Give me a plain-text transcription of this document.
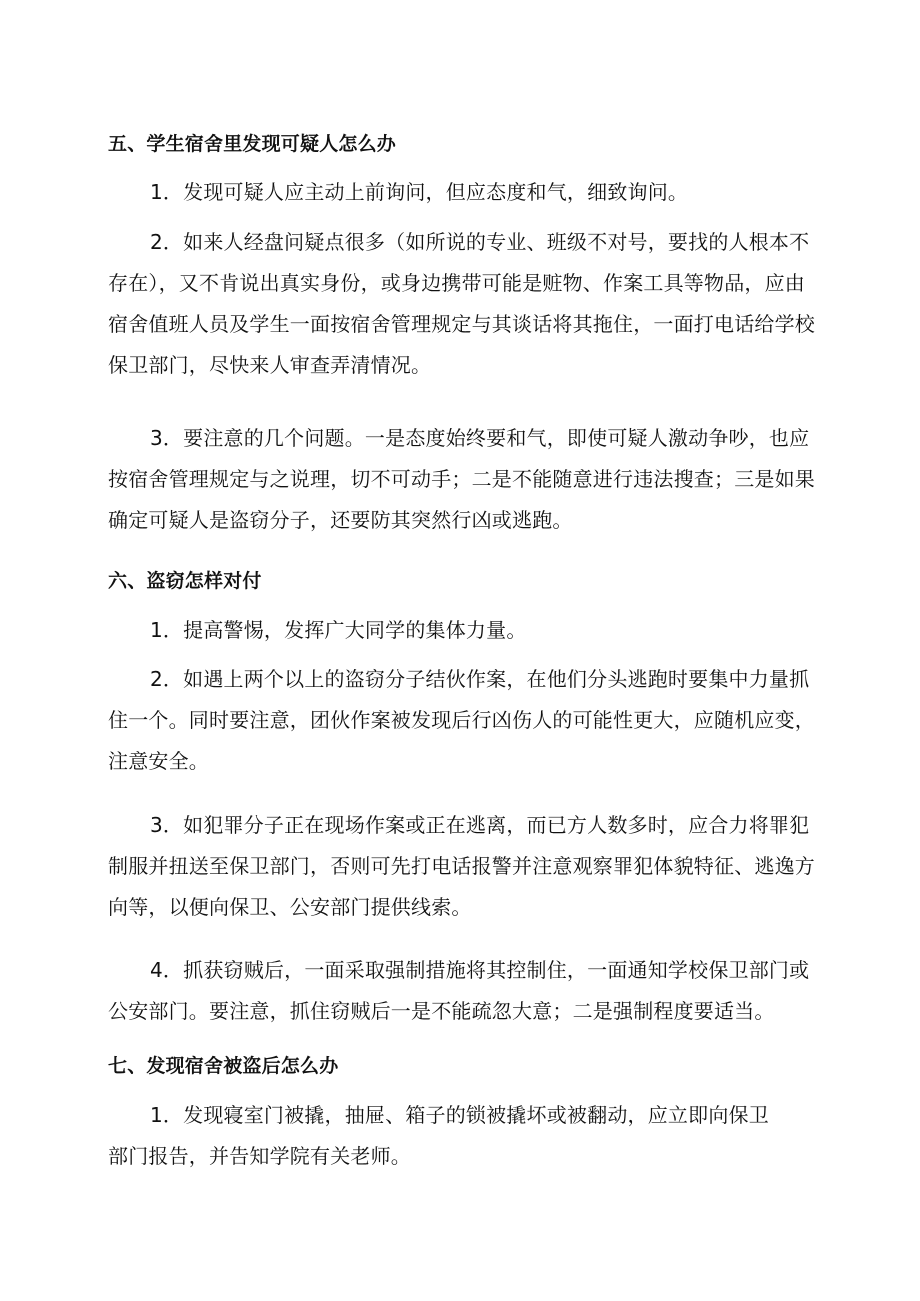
五、学生宿舍里发现可疑人怎么办

1．发现可疑人应主动上前询问，但应态度和气，细致询问。

2．如来人经盘问疑点很多（如所说的专业、班级不对号，要找的人根本不
存在），又不肯说出真实身份，或身边携带可能是赃物、作案工具等物品，应由
宿舍值班人员及学生一面按宿舍管理规定与其谈话将其拖住，一面打电话给学校
保卫部门，尽快来人审查弄清情况。

3．要注意的几个问题。一是态度始终要和气，即使可疑人激动争吵，也应
按宿舍管理规定与之说理，切不可动手；二是不能随意进行违法搜查；三是如果
确定可疑人是盗窃分子，还要防其突然行凶或逃跑。

六、盗窃怎样对付

1．提高警惕，发挥广大同学的集体力量。

2．如遇上两个以上的盗窃分子结伙作案，在他们分头逃跑时要集中力量抓
住一个。同时要注意，团伙作案被发现后行凶伤人的可能性更大，应随机应变，
注意安全。

3．如犯罪分子正在现场作案或正在逃离，而已方人数多时，应合力将罪犯
制服并扭送至保卫部门，否则可先打电话报警并注意观察罪犯体貌特征、逃逸方
向等，以便向保卫、公安部门提供线索。

4．抓获窃贼后，一面采取强制措施将其控制住，一面通知学校保卫部门或
公安部门。要注意，抓住窃贼后一是不能疏忽大意；二是强制程度要适当。

七、发现宿舍被盗后怎么办

1．发现寝室门被撬，抽屉、箱子的锁被撬坏或被翻动，应立即向保卫
部门报告，并告知学院有关老师。
